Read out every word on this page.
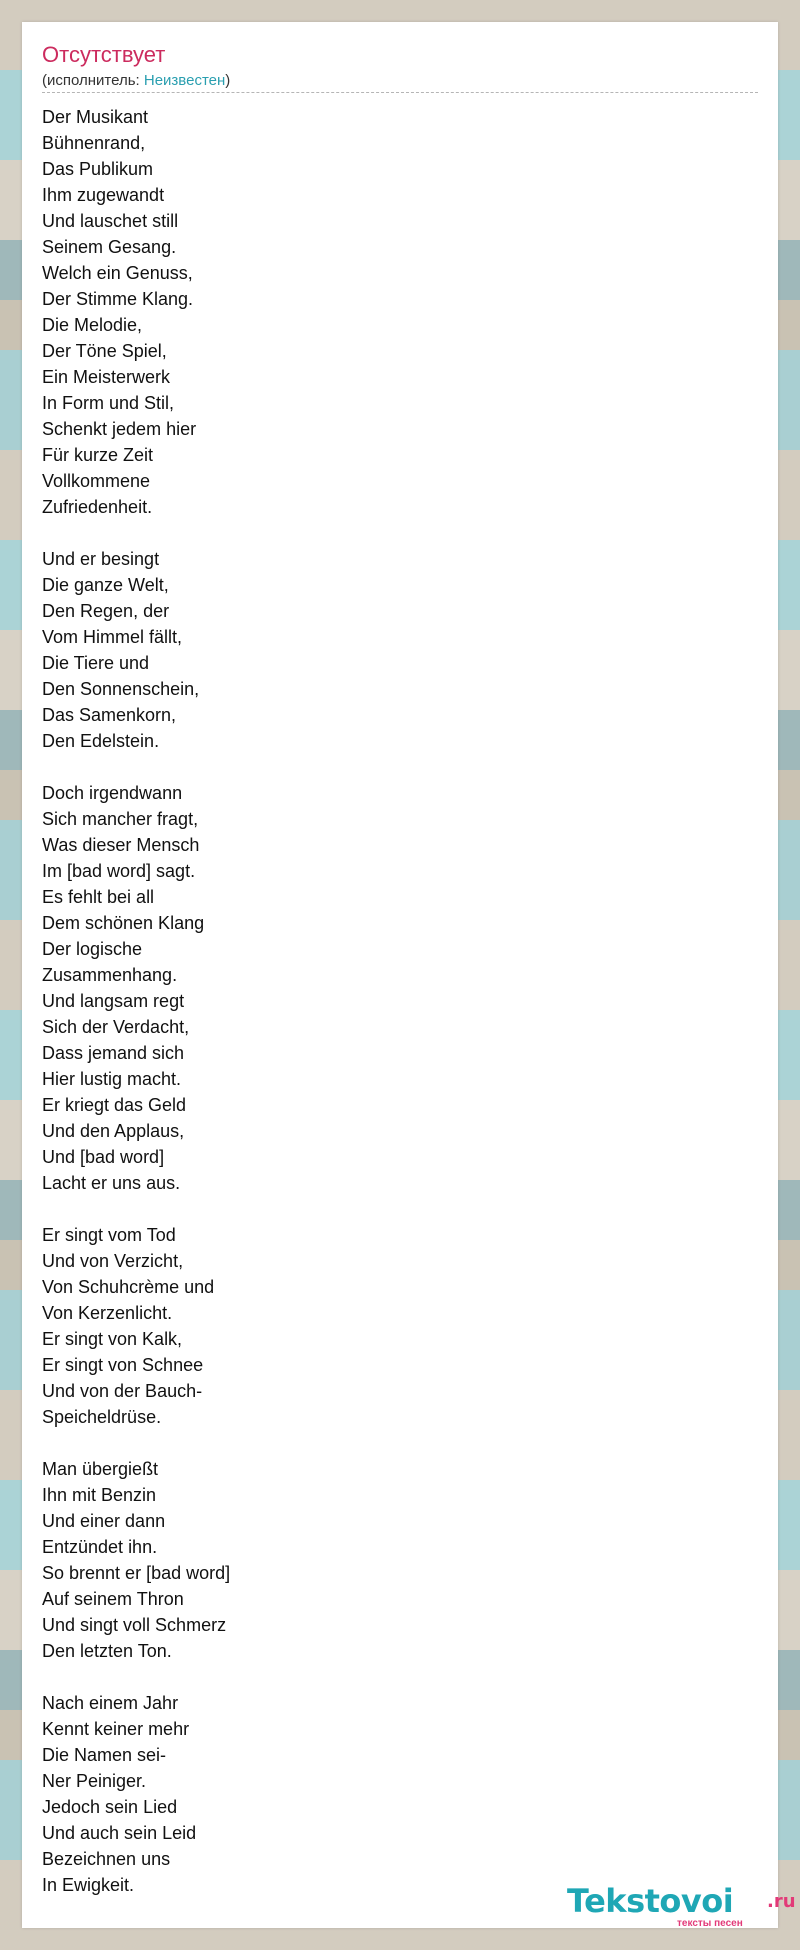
Отсутствует
(исполнитель: Неизвестен)
Der Musikant
Bühnenrand,
Das Publikum
Ihm zugewandt
Und lauschet still
Seinem Gesang.
Welch ein Genuss,
Der Stimme Klang.
Die Melodie,
Der Töne Spiel,
Ein Meisterwerk
In Form und Stil,
Schenkt jedem hier
Für kurze Zeit
Vollkommene
Zufriedenheit.
Und er besingt
Die ganze Welt,
Den Regen, der
Vom Himmel fällt,
Die Tiere und
Den Sonnenschein,
Das Samenkorn,
Den Edelstein.
Doch irgendwann
Sich mancher fragt,
Was dieser Mensch
Im [bad word] sagt.
Es fehlt bei all
Dem schönen Klang
Der logische
Zusammenhang.
Und langsam regt
Sich der Verdacht,
Dass jemand sich
Hier lustig macht.
Er kriegt das Geld
Und den Applaus,
Und [bad word]
Lacht er uns aus.
Er singt vom Tod
Und von Verzicht,
Von Schuhcrème und
Von Kerzenlicht.
Er singt von Kalk,
Er singt von Schnee
Und von der Bauch-
Speicheldrüse.
Man übergießt
Ihn mit Benzin
Und einer dann
Entzündet ihn.
So brennt er [bad word]
Auf seinem Thron
Und singt voll Schmerz
Den letzten Ton.
Nach einem Jahr
Kennt keiner mehr
Die Namen sei-
Ner Peiniger.
Jedoch sein Lied
Und auch sein Leid
Bezeichnen uns
In Ewigkeit.	Tekstovoi .ru
тексты песен
